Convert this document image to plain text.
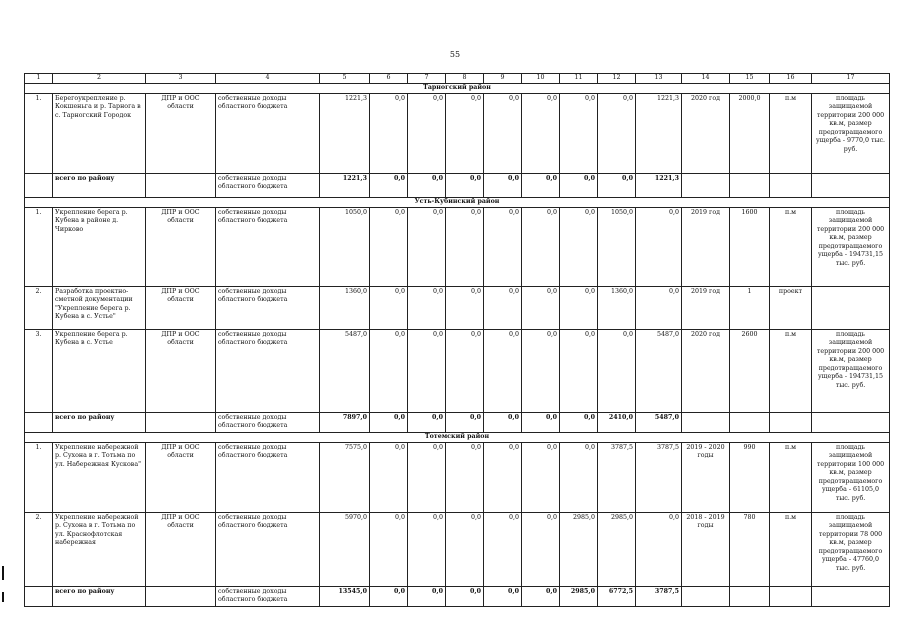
55
1	2	3	4	5	6	7	8	9	10	11	12	13	14	15	16	17
Тарногский район																
1.	Берегоукрепление р. Кокшеньга и р. Тарнога в с. Тарногский Городок	ДПР и ООС области	собственные доходы областного бюджета	1221,3	0,0	0,0	0,0	0,0	0,0	0,0	0,0	1221,3	2020 год	2000,0	п.м	площадь защищаемой территории 200 000 кв.м, размер предотвращаемого ущерба - 9770,0 тыс. руб.
	всего по району		собственные доходы областного бюджета	1221,3	0,0	0,0	0,0	0,0	0,0	0,0	0,0	1221,3				
Усть-Кубинский район																
1.	Укрепление берега р. Кубена в районе д. Чирково	ДПР и ООС области	собственные доходы областного бюджета	1050,0	0,0	0,0	0,0	0,0	0,0	0,0	1050,0	0,0	2019 год	1600	п.м	площадь защищаемой территории 200 000 кв.м, размер предотвращаемого ущерба - 194731,15 тыс. руб.
2.	Разработка проектно-сметной документации "Укрепление берега р. Кубена в с. Устье"	ДПР и ООС области	собственные доходы областного бюджета	1360,0	0,0	0,0	0,0	0,0	0,0	0,0	1360,0	0,0	2019 год	1	проект	
3.	Укрепление берега р. Кубена в с. Устье	ДПР и ООС области	собственные доходы областного бюджета	5487,0	0,0	0,0	0,0	0,0	0,0	0,0	0,0	5487,0	2020 год	2600	п.м	площадь защищаемой территории 200 000 кв.м, размер предотвращаемого ущерба - 194731,15 тыс. руб.
	всего по району		собственные доходы областного бюджета	7897,0	0,0	0,0	0,0	0,0	0,0	0,0	2410,0	5487,0				
Тотемский район																
1.	Укрепление набережной р. Сухона в г. Тотьма по ул. Набережная Кускова"	ДПР и ООС области	собственные доходы областного бюджета	7575,0	0,0	0,0	0,0	0,0	0,0	0,0	3787,5	3787,5	2019 - 2020 годы	990	п.м	площадь защищаемой территории 100 000 кв.м, размер предотвращаемого ущерба - 61105,0 тыс. руб.
2.	Укрепление набережной р. Сухона в г. Тотьма по ул. Краснофлотская набережная	ДПР и ООС области	собственные доходы областного бюджета	5970,0	0,0	0,0	0,0	0,0	0,0	2985,0	2985,0	0,0	2018 - 2019 годы	780	п.м	площадь защищаемой территории 78 000 кв.м, размер предотвращаемого ущерба - 47760,0 тыс. руб.
	всего по району		собственные доходы областного бюджета	13545,0	0,0	0,0	0,0	0,0	0,0	2985,0	6772,5	3787,5				
